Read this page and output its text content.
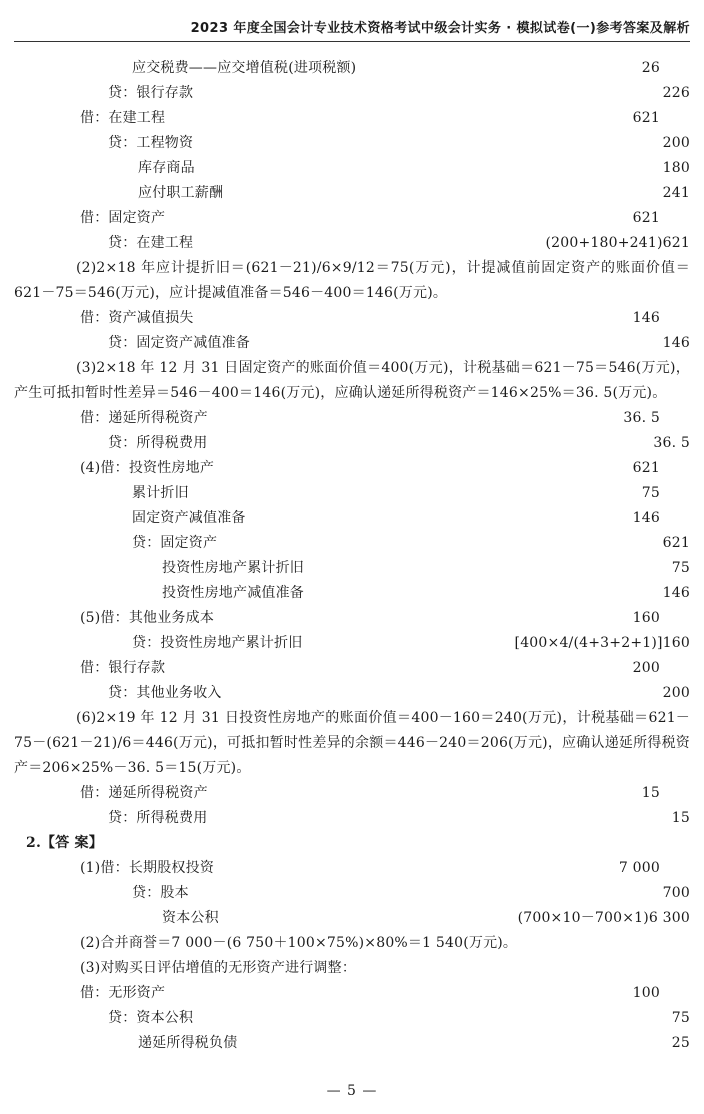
2023 年度全国会计专业技术资格考试中级会计实务 · 模拟试卷(一)参考答案及解析
应交税费——应交增值税(进项税额)	26
贷：银行存款	226
借：在建工程	621
贷：工程物资	200
库存商品	180
应付职工薪酬	241
借：固定资产	621
贷：在建工程	(200+180+241)621
(2)2×18 年应计提折旧＝(621－21)/6×9/12＝75(万元)，计提减值前固定资产的账面价值＝621－75＝546(万元)，应计提减值准备＝546－400＝146(万元)。
借：资产减值损失	146
贷：固定资产减值准备	146
(3)2×18 年 12 月 31 日固定资产的账面价值＝400(万元)，计税基础＝621－75＝546(万元)，产生可抵扣暂时性差异＝546－400＝146(万元)，应确认递延所得税资产＝146×25%＝36. 5(万元)。
借：递延所得税资产	36. 5
贷：所得税费用	36. 5
(4)借：投资性房地产	621
累计折旧	75
固定资产减值准备	146
贷：固定资产	621
投资性房地产累计折旧	75
投资性房地产减值准备	146
(5)借：其他业务成本	160
贷：投资性房地产累计折旧	[400×4/(4+3+2+1)]160
借：银行存款	200
贷：其他业务收入	200
(6)2×19 年 12 月 31 日投资性房地产的账面价值＝400－160＝240(万元)，计税基础＝621－75－(621－21)/6＝446(万元)，可抵扣暂时性差异的余额＝446－240＝206(万元)，应确认递延所得税资产＝206×25%－36. 5＝15(万元)。
借：递延所得税资产	15
贷：所得税费用	15
2.【答 案】
(1)借：长期股权投资	7 000
贷：股本	700
资本公积	(700×10－700×1)6 300
(2)合并商誉＝7 000－(6 750＋100×75%)×80%＝1 540(万元)。
(3)对购买日评估增值的无形资产进行调整：
借：无形资产	100
贷：资本公积	75
递延所得税负债	25
— 5 —
